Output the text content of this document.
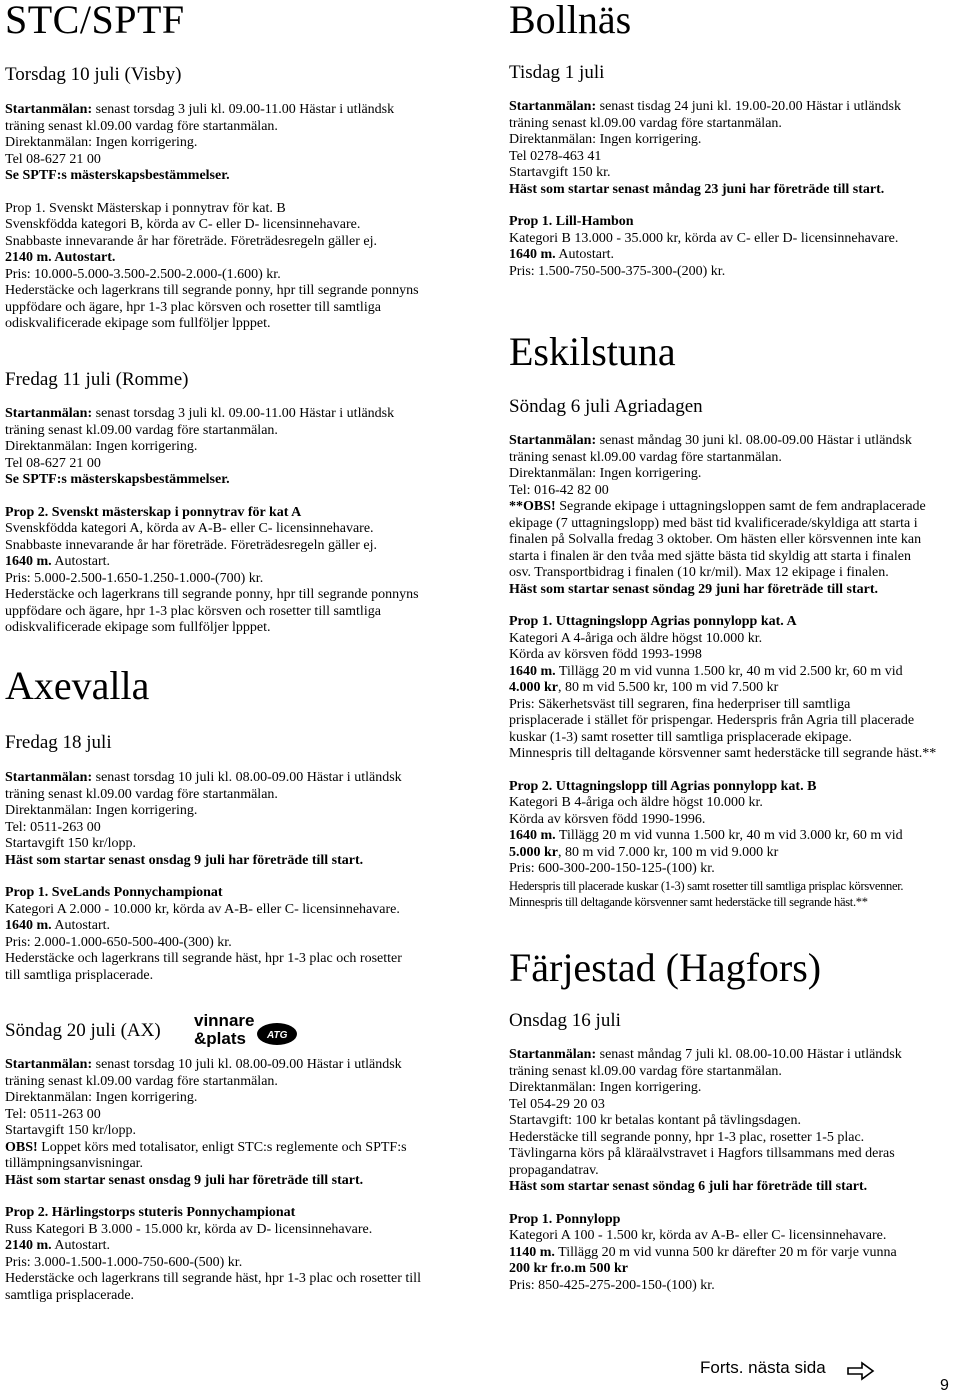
STC/SPTF
Torsdag 10 juli (Visby)
Startanmälan: senast torsdag 3 juli kl. 09.00-11.00 Hästar i utländsk
träning senast kl.09.00 vardag före startanmälan.
Direktanmälan: Ingen korrigering.
Tel 08-627 21 00
Se SPTF:s mästerskapsbestämmelser.
Prop 1. Svenskt Mästerskap i ponnytrav för kat. B
Svenskfödda kategori B, körda av C- eller D- licensinnehavare.
Snabbaste innevarande år har företräde. Företrädesregeln gäller ej.
2140 m. Autostart.
Pris: 10.000-5.000-3.500-2.500-2.000-(1.600) kr.
Hederstäcke och lagerkrans till segrande ponny, hpr till segrande ponnyns
uppfödare och ägare, hpr 1-3 plac körsven och rosetter till samtliga
odiskvalificerade ekipage som fullföljer lpppet.
Fredag 11 juli (Romme)
Startanmälan: senast torsdag 3 juli kl. 09.00-11.00 Hästar i utländsk
träning senast kl.09.00 vardag före startanmälan.
Direktanmälan: Ingen korrigering.
Tel 08-627 21 00
Se SPTF:s mästerskapsbestämmelser.
Prop 2. Svenskt mästerskap i ponnytrav för kat A
Svenskfödda kategori A, körda av A-B- eller C- licensinnehavare.
Snabbaste innevarande år har företräde. Företrädesregeln gäller ej.
1640 m. Autostart.
Pris: 5.000-2.500-1.650-1.250-1.000-(700) kr.
Hederstäcke och lagerkrans till segrande ponny, hpr till segrande ponnyns
uppfödare och ägare, hpr 1-3 plac körsven och rosetter till samtliga
odiskvalificerade ekipage som fullföljer lpppet.
Axevalla
Fredag 18 juli
Startanmälan: senast torsdag 10 juli kl. 08.00-09.00 Hästar i utländsk
träning senast kl.09.00 vardag före startanmälan.
Direktanmälan: Ingen korrigering.
Tel: 0511-263 00
Startavgift 150 kr/lopp.
Häst som startar senast onsdag 9 juli har företräde till start.
Prop 1. SveLands Ponnychampionat
Kategori A 2.000 - 10.000 kr, körda av A-B- eller C- licensinnehavare.
1640 m. Autostart.
Pris: 2.000-1.000-650-500-400-(300) kr.
Hederstäcke och lagerkrans till segrande häst, hpr 1-3 plac och rosetter
till samtliga prisplacerade.
Söndag 20 juli (AX)
Startanmälan: senast torsdag 10 juli kl. 08.00-09.00 Hästar i utländsk
träning senast kl.09.00 vardag före startanmälan.
Direktanmälan: Ingen korrigering.
Tel: 0511-263 00
Startavgift 150 kr/lopp.
OBS! Loppet körs med totalisator, enligt STC:s reglemente och SPTF:s
tillämpningsanvisningar.
Häst som startar senast onsdag 9 juli har företräde till start.
Prop 2. Härlingstorps stuteris Ponnychampionat
Russ Kategori B 3.000 - 15.000 kr, körda av D- licensinnehavare.
2140 m. Autostart.
Pris: 3.000-1.500-1.000-750-600-(500) kr.
Hederstäcke och lagerkrans till segrande häst, hpr 1-3 plac och rosetter till
samtliga prisplacerade.
vinnare
&plats ATG
Bollnäs
Tisdag 1 juli
Startanmälan: senast tisdag 24 juni kl. 19.00-20.00 Hästar i utländsk
träning senast kl.09.00 vardag före startanmälan.
Direktanmälan: Ingen korrigering.
Tel 0278-463 41
Startavgift 150 kr.
Häst som startar senast måndag 23 juni har företräde till start.
Prop 1. Lill-Hambon
Kategori B 13.000 - 35.000 kr, körda av C- eller D- licensinnehavare.
1640 m. Autostart.
Pris: 1.500-750-500-375-300-(200) kr.
Eskilstuna
Söndag 6 juli Agriadagen
Startanmälan: senast måndag 30 juni kl. 08.00-09.00 Hästar i utländsk
träning senast kl.09.00 vardag före startanmälan.
Direktanmälan: Ingen korrigering.
Tel: 016-42 82 00
**OBS! Segrande ekipage i uttagningsloppen samt de fem andraplacerade
ekipage (7 uttagningslopp) med bäst tid kvalificerade/skyldiga att starta i
finalen på Solvalla fredag 3 oktober. Om hästen eller körsvennen inte kan
starta i finalen är den tvåa med sjätte bästa tid skyldig att starta i finalen
osv. Transportbidrag i finalen (10 kr/mil). Max 12 ekipage i finalen.
Häst som startar senast söndag 29 juni har företräde till start.
Prop 1. Uttagningslopp Agrias ponnylopp kat. A
Kategori A 4-åriga och äldre högst 10.000 kr.
Körda av körsven född 1993-1998
1640 m. Tillägg 20 m vid vunna 1.500 kr, 40 m vid 2.500 kr, 60 m vid
4.000 kr, 80 m vid 5.500 kr, 100 m vid 7.500 kr
Pris: Säkerhetsväst till segraren, fina hederpriser till samtliga
prisplacerade i stället för prispengar. Hederspris från Agria till placerade
kuskar (1-3) samt rosetter till samtliga prisplacerade ekipage.
Minnespris till deltagande körsvenner samt hederstäcke till segrande häst.**
Prop 2. Uttagningslopp till Agrias ponnylopp kat. B
Kategori B 4-åriga och äldre högst 10.000 kr.
Körda av körsven född 1990-1996.
1640 m. Tillägg 20 m vid vunna 1.500 kr, 40 m vid 3.000 kr, 60 m vid
5.000 kr, 80 m vid 7.000 kr, 100 m vid 9.000 kr
Pris: 600-300-200-150-125-(100) kr.
Hederspris till placerade kuskar (1-3) samt rosetter till samtliga prisplac körsvenner.
Minnespris till deltagande körsvenner samt hederstäcke till segrande häst.**
Färjestad (Hagfors)
Onsdag 16 juli
Startanmälan: senast måndag 7 juli kl. 08.00-10.00 Hästar i utländsk
träning senast kl.09.00 vardag före startanmälan.
Direktanmälan: Ingen korrigering.
Tel 054-29 20 03
Startavgift: 100 kr betalas kontant på tävlingsdagen.
Hederstäcke till segrande ponny, hpr 1-3 plac, rosetter 1-5 plac.
Tävlingarna körs på kläraälvstravet i Hagfors tillsammans med deras
propagandatrav.
Häst som startar senast söndag 6 juli har företräde till start.
Prop 1. Ponnylopp
Kategori A 100 - 1.500 kr, körda av A-B- eller C- licensinnehavare.
1140 m. Tillägg 20 m vid vunna 500 kr därefter 20 m för varje vunna
200 kr fr.o.m 500 kr
Pris: 850-425-275-200-150-(100) kr.
Forts. nästa sida
9
